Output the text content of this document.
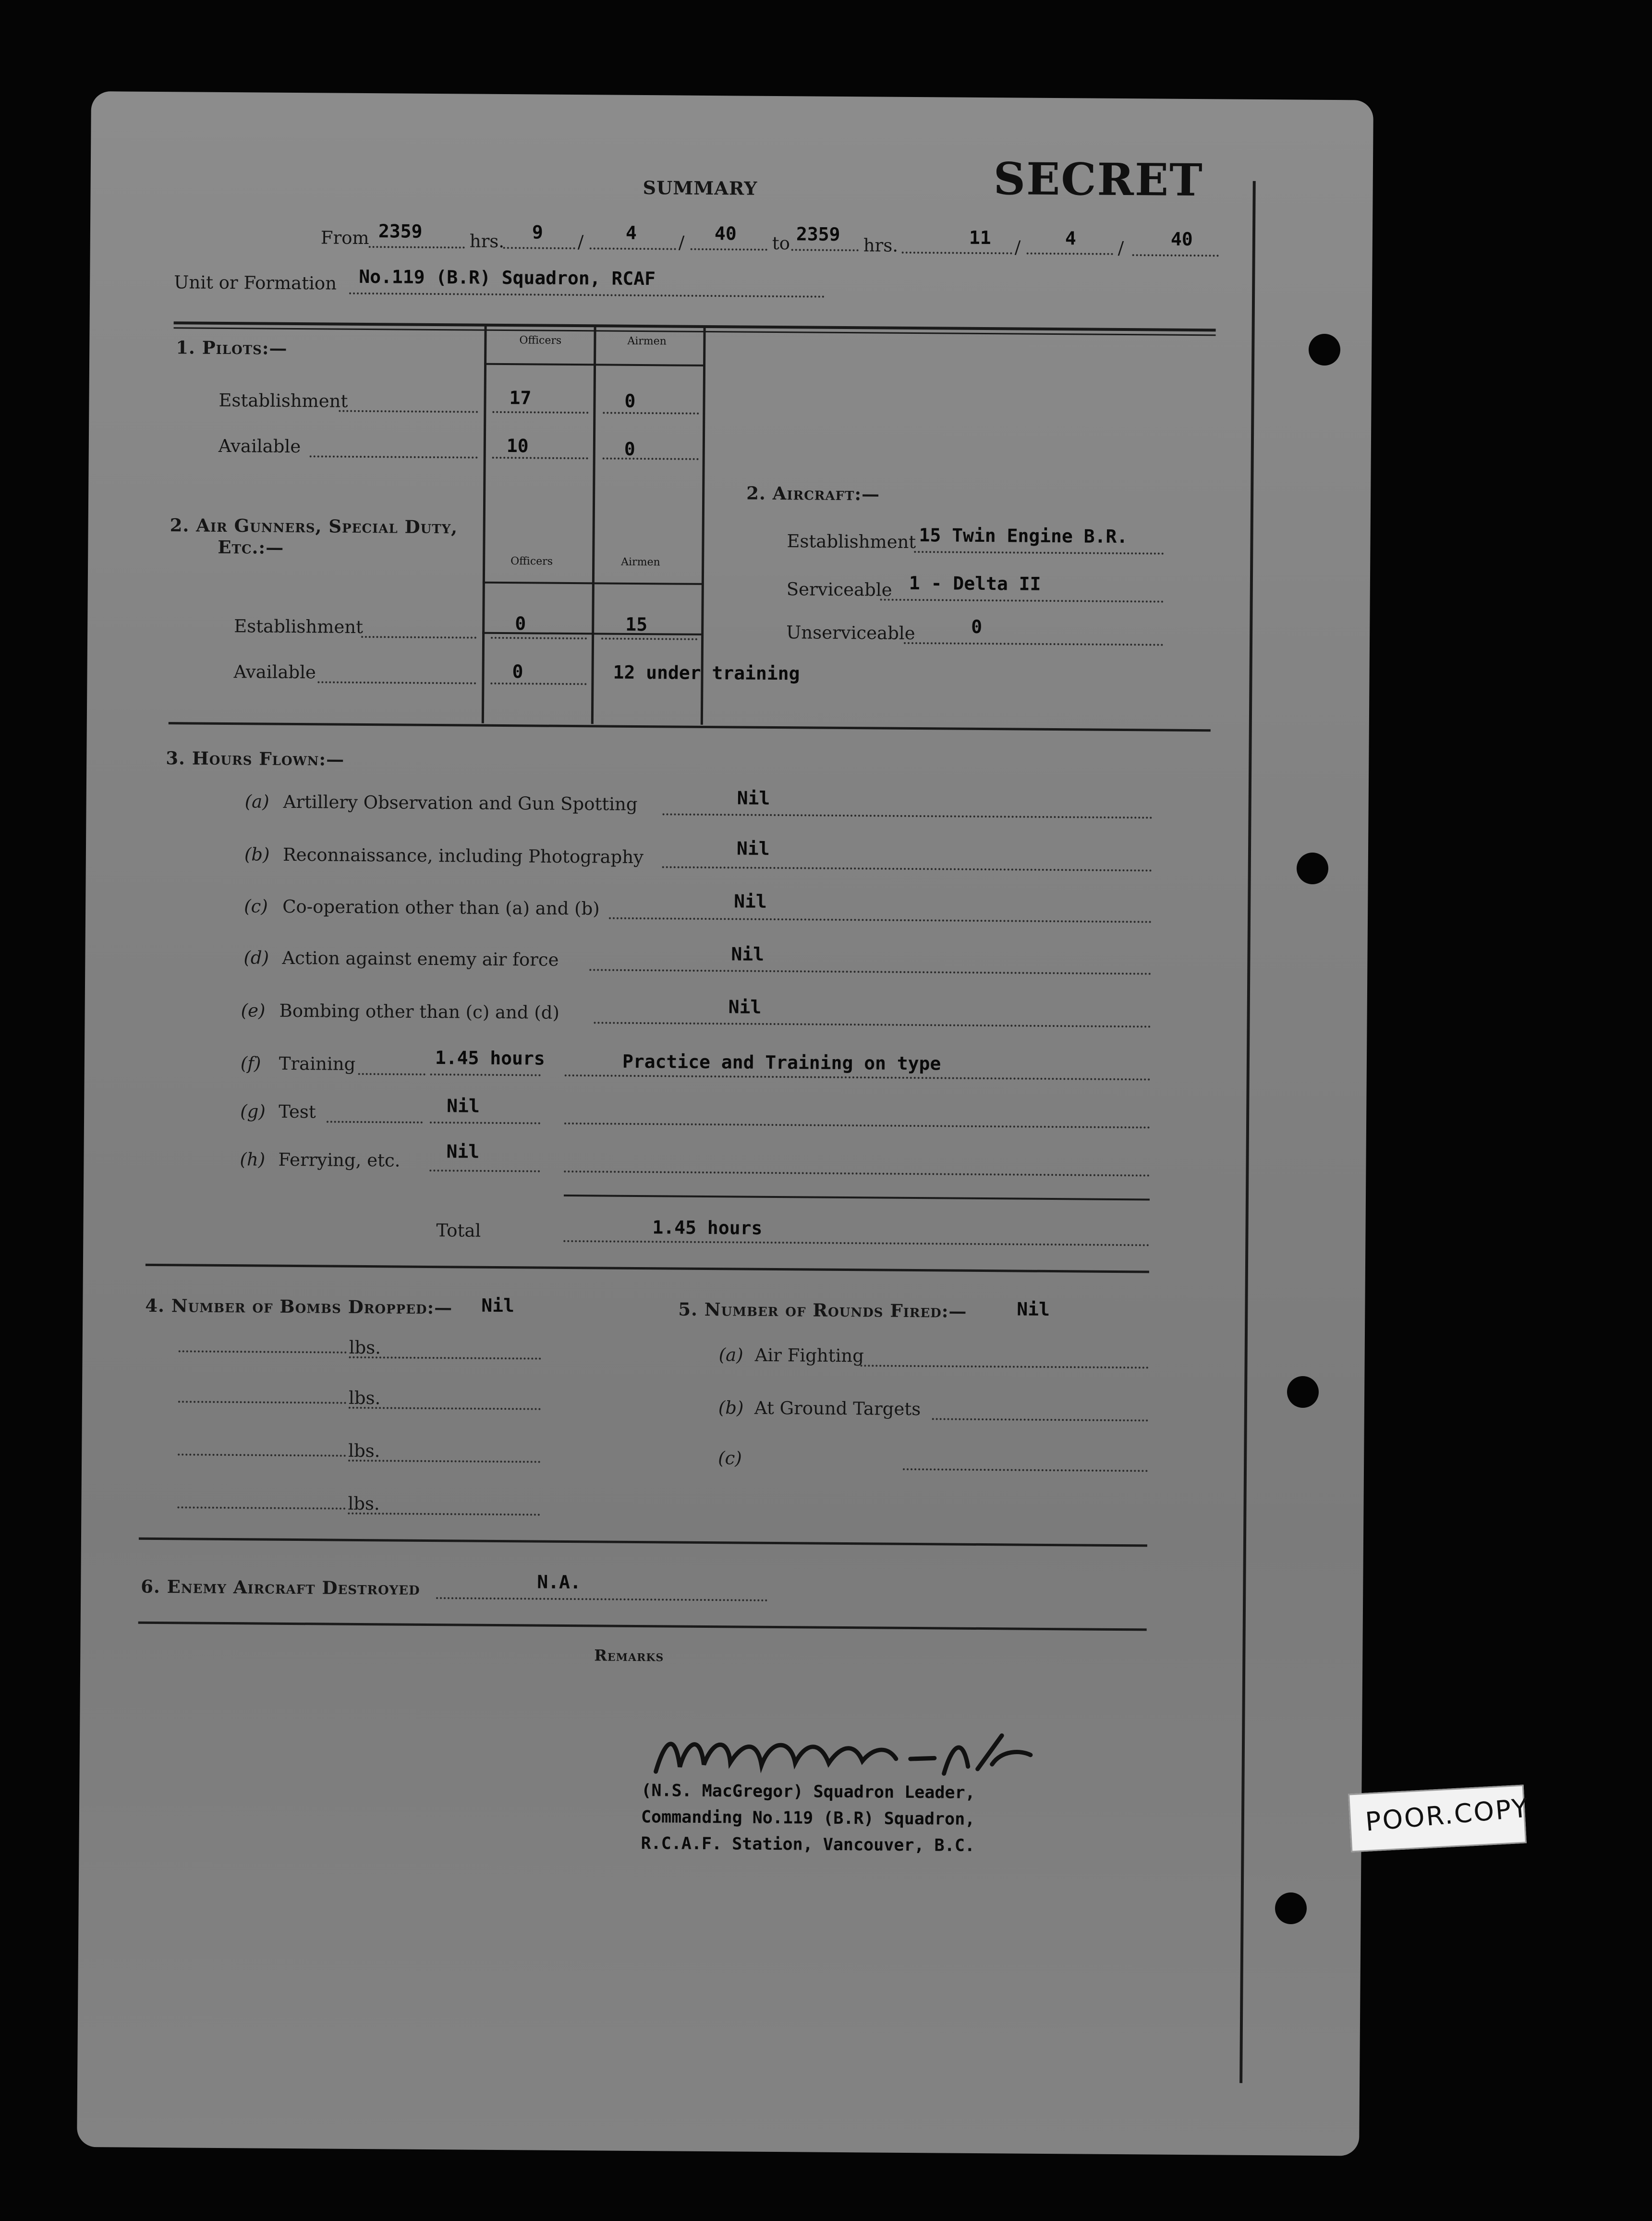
SECRET
SUMMARY
From 2359	hrs. 9 / 4 / 40 to 2359
hrs.	11 / 4 /	40
Unit or Formation No.119 (B.R) Squadron, RCAF
1. Pilots:—	Officers	Airmen
Establishment	17	0
Available	10	0
2. Air Gunners, Special Duty,
Etc.:—
Officers	Airmen
Establishment	0	15
Available	0	12 under training
2. Aircraft:—
Establishment 15 Twin Engine B.R.
Serviceable 1 - Delta II
Unserviceable	0
3. Hours Flown:—
(a) Artillery Observation and Gun Spotting	Nil
(b) Reconnaissance, including Photography	Nil
(c) Co-operation other than (a) and (b)	Nil
(d) Action against enemy air force	Nil
(e) Bombing other than (c) and (d)	Nil
(f) Training	1.45 hours	Practice and Training on type
(g) Test	Nil
(h) Ferrying, etc.	Nil
Total	1.45 hours
4. Number of Bombs Dropped:— Nil
lbs.
lbs.
lbs.
lbs.
5. Number of Rounds Fired:—	Nil
(a) Air Fighting
(b) At Ground Targets
(c)
6. Enemy Aircraft Destroyed	N.A.
Remarks
(N.S. MacGregor) Squadron Leader,
Commanding No.119 (B.R) Squadron,
R.C.A.F. Station, Vancouver, B.C.
POOR.COPY
